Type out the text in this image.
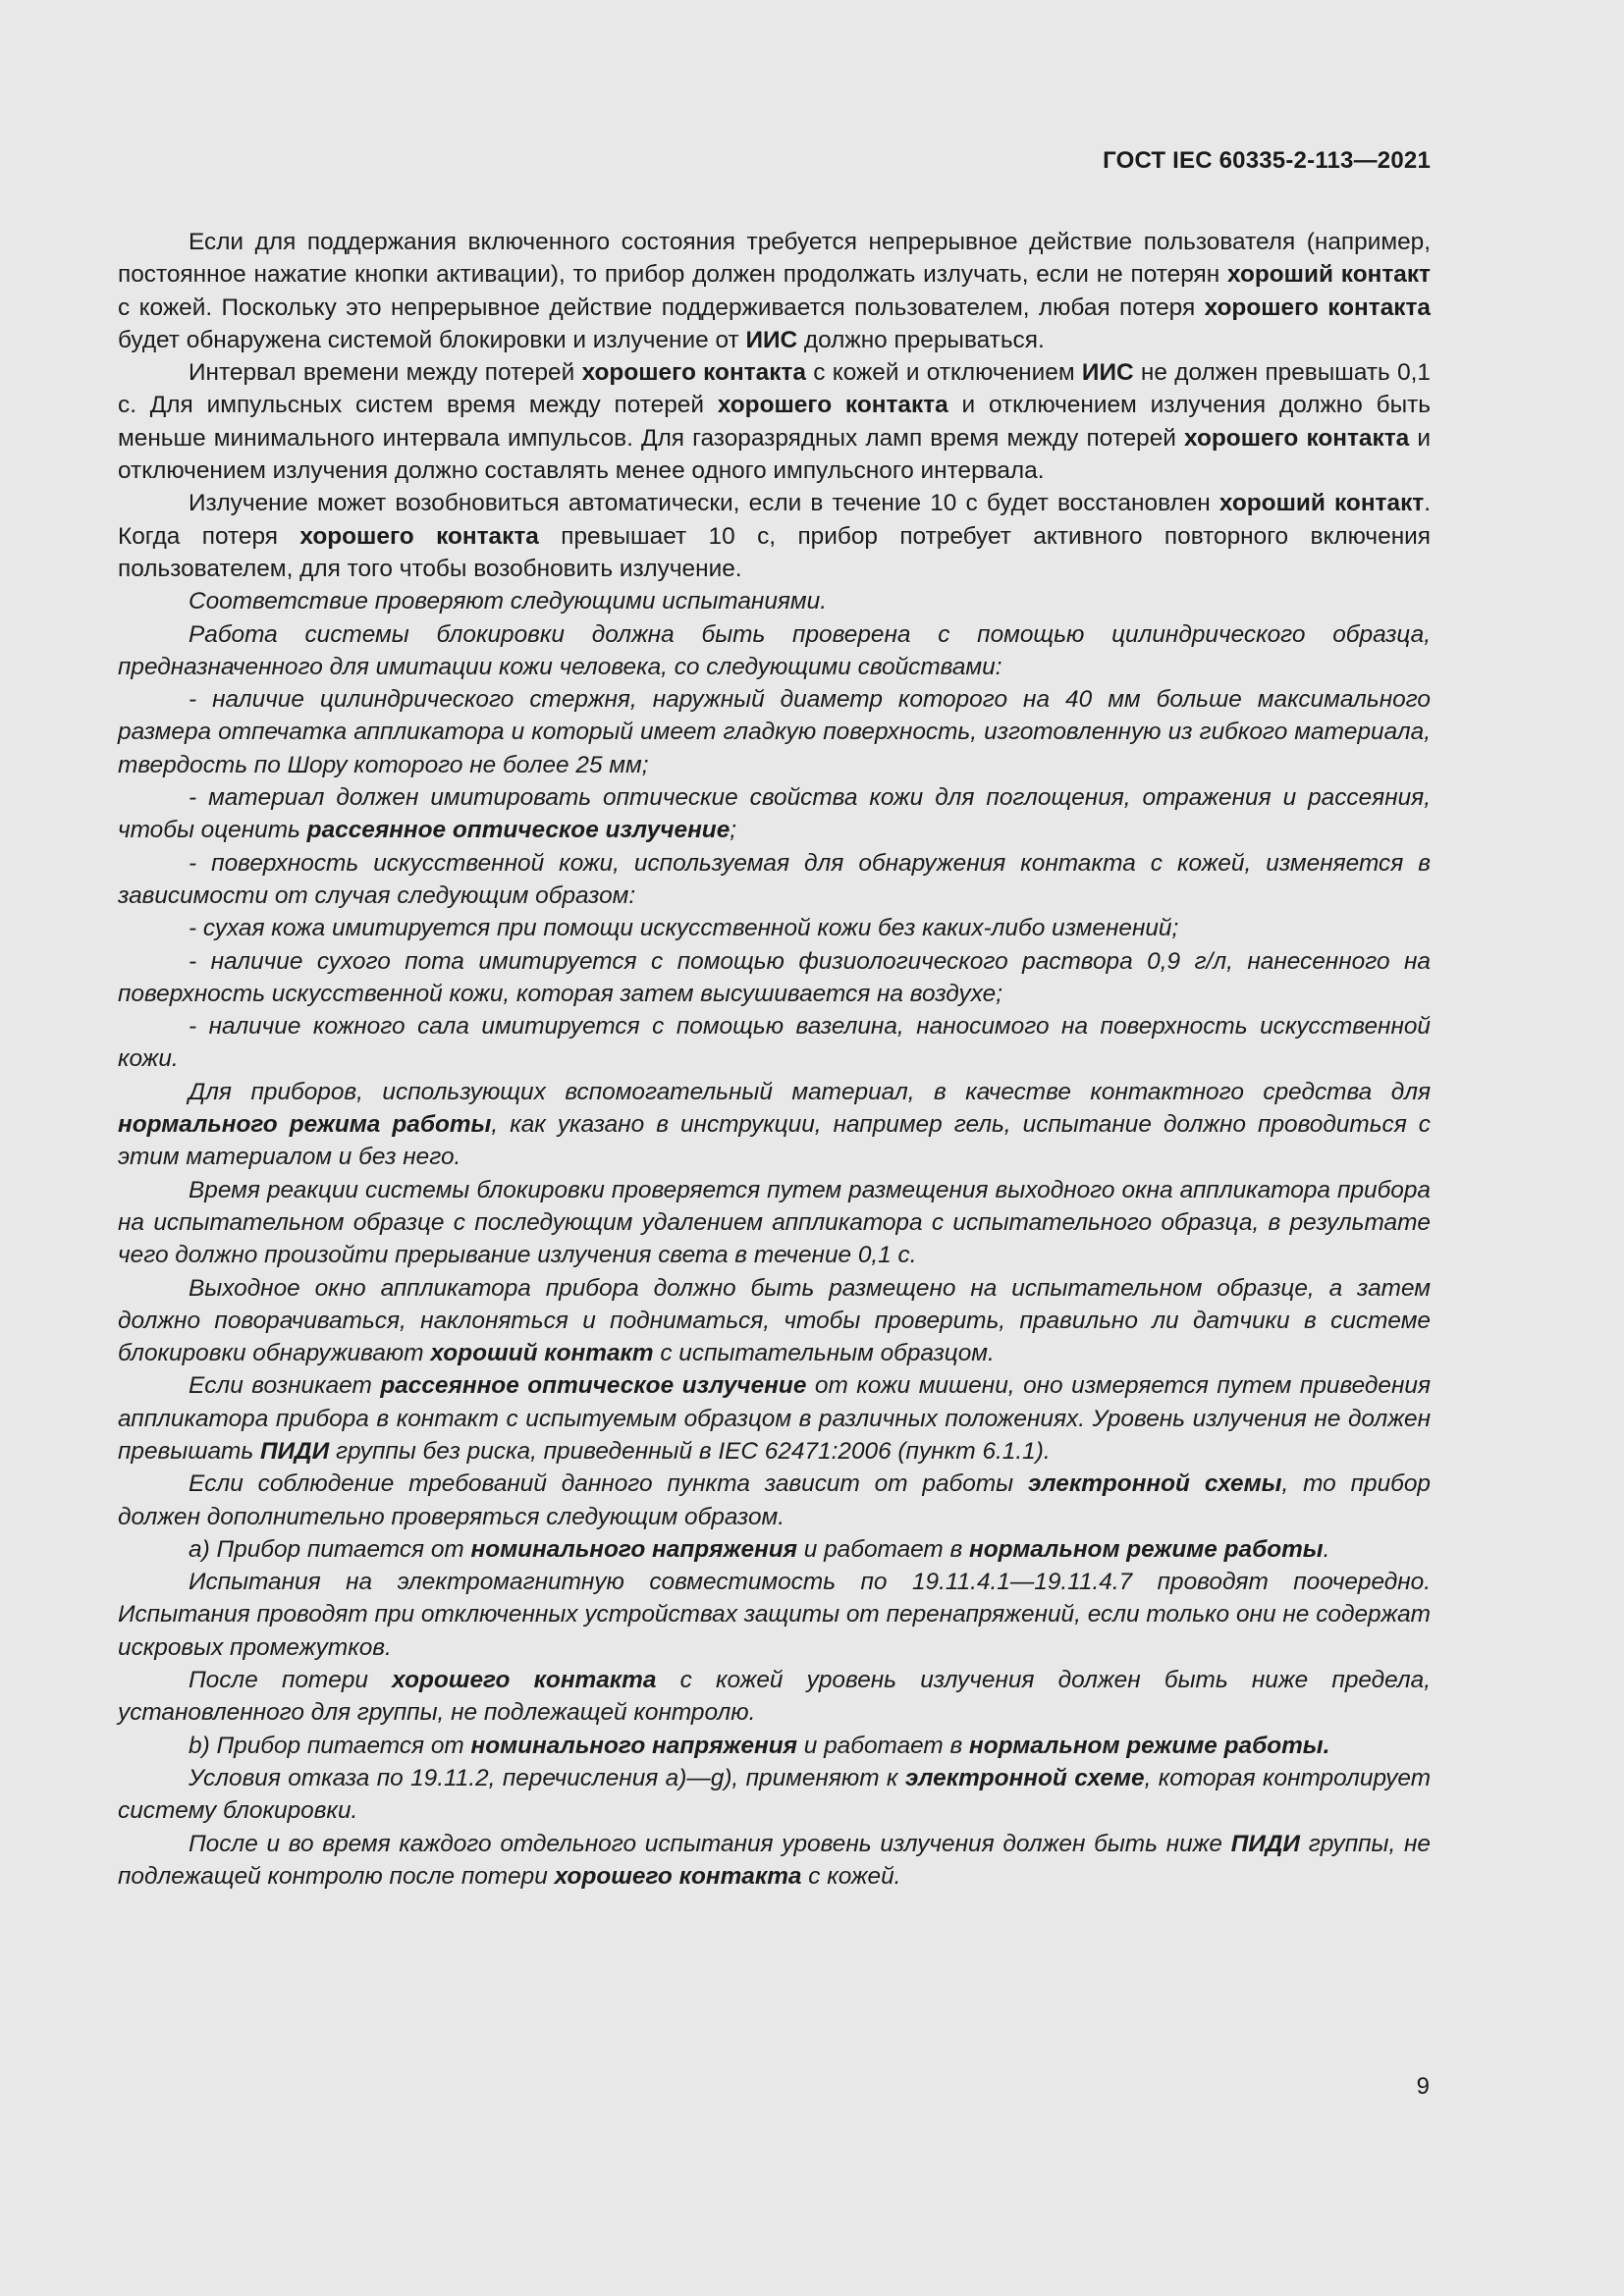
ГОСТ IEC 60335-2-113—2021

Если для поддержания включенного состояния требуется непрерывное действие пользователя (например, постоянное нажатие кнопки активации), то прибор должен продолжать излучать, если не потерян хороший контакт с кожей. Поскольку это непрерывное действие поддерживается пользователем, любая потеря хорошего контакта будет обнаружена системой блокировки и излучение от ИИС должно прерываться.

Интервал времени между потерей хорошего контакта с кожей и отключением ИИС не должен превышать 0,1 с. Для импульсных систем время между потерей хорошего контакта и отключением излучения должно быть меньше минимального интервала импульсов. Для газоразрядных ламп время между потерей хорошего контакта и отключением излучения должно составлять менее одного импульсного интервала.

Излучение может возобновиться автоматически, если в течение 10 с будет восстановлен хороший контакт. Когда потеря хорошего контакта превышает 10 с, прибор потребует активного повторного включения пользователем, для того чтобы возобновить излучение.

Соответствие проверяют следующими испытаниями.

Работа системы блокировки должна быть проверена с помощью цилиндрического образца, предназначенного для имитации кожи человека, со следующими свойствами:

- наличие цилиндрического стержня, наружный диаметр которого на 40 мм больше максимального размера отпечатка аппликатора и который имеет гладкую поверхность, изготовленную из гибкого материала, твердость по Шору которого не более 25 мм;

- материал должен имитировать оптические свойства кожи для поглощения, отражения и рассеяния, чтобы оценить рассеянное оптическое излучение;

- поверхность искусственной кожи, используемая для обнаружения контакта с кожей, изменяется в зависимости от случая следующим образом:

- сухая кожа имитируется при помощи искусственной кожи без каких-либо изменений;

- наличие сухого пота имитируется с помощью физиологического раствора 0,9 г/л, нанесенного на поверхность искусственной кожи, которая затем высушивается на воздухе;

- наличие кожного сала имитируется с помощью вазелина, наносимого на поверхность искусственной кожи.

Для приборов, использующих вспомогательный материал, в качестве контактного средства для нормального режима работы, как указано в инструкции, например гель, испытание должно проводиться с этим материалом и без него.

Время реакции системы блокировки проверяется путем размещения выходного окна аппликатора прибора на испытательном образце с последующим удалением аппликатора с испытательного образца, в результате чего должно произойти прерывание излучения света в течение 0,1 с.

Выходное окно аппликатора прибора должно быть размещено на испытательном образце, а затем должно поворачиваться, наклоняться и подниматься, чтобы проверить, правильно ли датчики в системе блокировки обнаруживают хороший контакт с испытательным образцом.

Если возникает рассеянное оптическое излучение от кожи мишени, оно измеряется путем приведения аппликатора прибора в контакт с испытуемым образцом в различных положениях. Уровень излучения не должен превышать ПИДИ группы без риска, приведенный в IEC 62471:2006 (пункт 6.1.1).

Если соблюдение требований данного пункта зависит от работы электронной схемы, то прибор должен дополнительно проверяться следующим образом.

a) Прибор питается от номинального напряжения и работает в нормальном режиме работы.

Испытания на электромагнитную совместимость по 19.11.4.1—19.11.4.7 проводят поочередно. Испытания проводят при отключенных устройствах защиты от перенапряжений, если только они не содержат искровых промежутков.

После потери хорошего контакта с кожей уровень излучения должен быть ниже предела, установленного для группы, не подлежащей контролю.

b) Прибор питается от номинального напряжения и работает в нормальном режиме работы.

Условия отказа по 19.11.2, перечисления a)—g), применяют к электронной схеме, которая контролирует систему блокировки.

После и во время каждого отдельного испытания уровень излучения должен быть ниже ПИДИ группы, не подлежащей контролю после потери хорошего контакта с кожей.

9
